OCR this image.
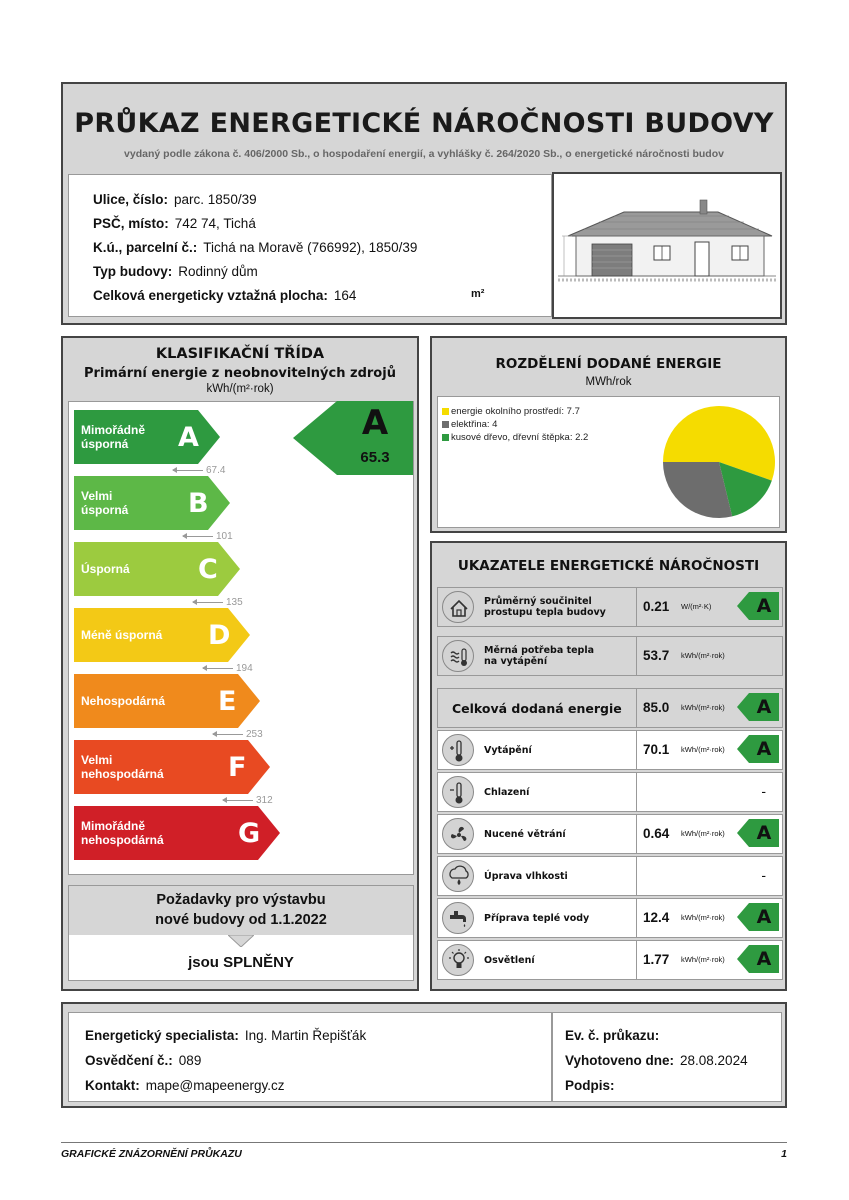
PRŮKAZ ENERGETICKÉ NÁROČNOSTI BUDOVY
vydaný podle zákona č. 406/2000 Sb., o hospodaření energií, a vyhlášky č. 264/2020 Sb., o energetické náročnosti budov
Ulice, číslo: parc. 1850/39
PSČ, místo: 742 74, Tichá
K.ú., parcelní č.: Tichá na Moravě (766992), 1850/39
Typ budovy: Rodinný dům
Celková energeticky vztažná plocha: 164	m²
KLASIFIKAČNÍ TŘÍDA
Primární energie z neobnovitelných zdrojů
kWh/(m²·rok)
Mimořádně
úsporná	A
67.4
Velmi
úsporná B
101
Úsporná	C
135
Méně úsporná D
194
Nehospodárná E
253
Velmi
nehospodárná F
312
Mimořádně
nehospodárná	G
A
65.3
Požadavky pro výstavbu
nové budovy od 1.1.2022
jsou SPLNĚNY
ROZDĚLENÍ DODANÉ ENERGIE
MWh/rok
energie okolního prostředí: 7.7
elektřina: 4
kusové dřevo, dřevní štěpka: 2.2
UKAZATELE ENERGETICKÉ NÁROČNOSTI
Průměrný součinitel
prostupu tepla budovy	0.21 W/(m²·K)	A
Měrná potřeba tepla
na vytápění	53.7 kWh/(m²·rok)
Celková dodaná energie 85.0 kWh/(m²·rok)	A
Vytápění	70.1 kWh/(m²·rok)	A
Chlazení	-
Nucené větrání	0.64 kWh/(m²·rok)	A
Úprava vlhkosti	-
Příprava teplé vody	12.4 kWh/(m²·rok)	A
Osvětlení	1.77 kWh/(m²·rok)	A
Energetický specialista: Ing. Martin Řepišťák
Osvědčení č.: 089
Kontakt: mape@mapeenergy.cz
Ev. č. průkazu:
Vyhotoveno dne: 28.08.2024
Podpis:
GRAFICKÉ ZNÁZORNĚNÍ PRŮKAZU	1
